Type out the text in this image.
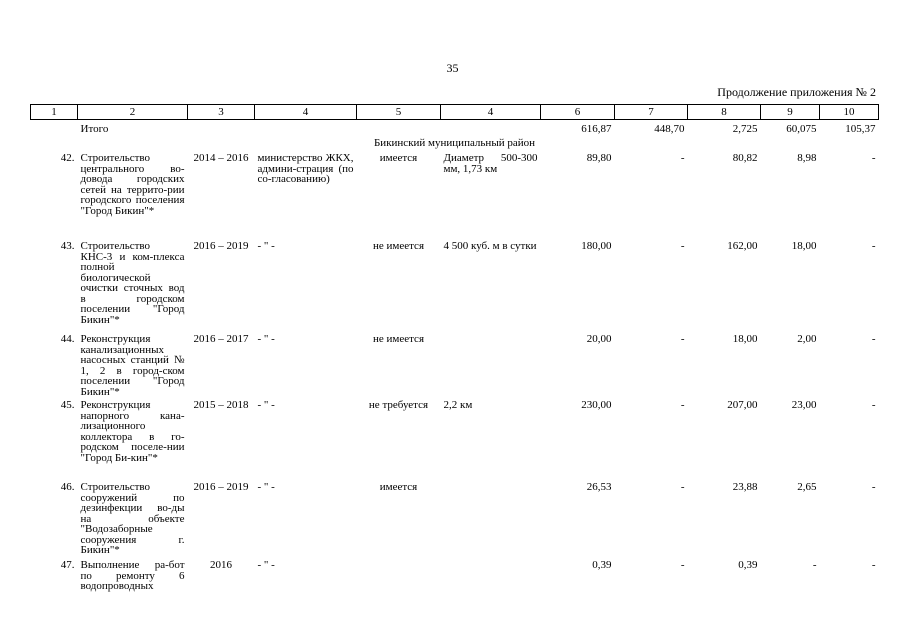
35
Продолжение приложения № 2
1	2	3	4	5	4	6	7	8	9	10
	Итого					616,87	448,70	2,725	60,075	105,37
Бикинский муниципальный район										
42.	Строительство центрального во-довода городских сетей на террито-рии городского поселения "Город Бикин"*	2014 – 2016	министерство ЖКХ, админи-страция (по со-гласованию)	имеется	Диаметр 500-300 мм, 1,73 км	89,80	-	80,82	8,98	-
43.	Строительство КНС-3 и ком-плекса полной биологической очистки сточных вод в городском поселении "Город Бикин"*	2016 – 2019	- " -	не имеется	4 500 куб. м в сутки	180,00	-	162,00	18,00	-
44.	Реконструкция канализационных насосных станций № 1, 2 в город-ском поселении "Город Бикин"*	2016 – 2017	- " -	не имеется		20,00	-	18,00	2,00	-
45.	Реконструкция напорного кана-лизационного коллектора в го-родском поселе-нии "Город Би-кин"*	2015 – 2018	- " -	не требуется	2,2 км	230,00	-	207,00	23,00	-
46.	Строительство сооружений по дезинфекции во-ды на объекте "Водозаборные сооружения г. Бикин"*	2016 – 2019	- " -	имеется		26,53	-	23,88	2,65	-
47.	Выполнение ра-бот по ремонту 6 водопроводных	2016	- " -			0,39	-	0,39	-	-
